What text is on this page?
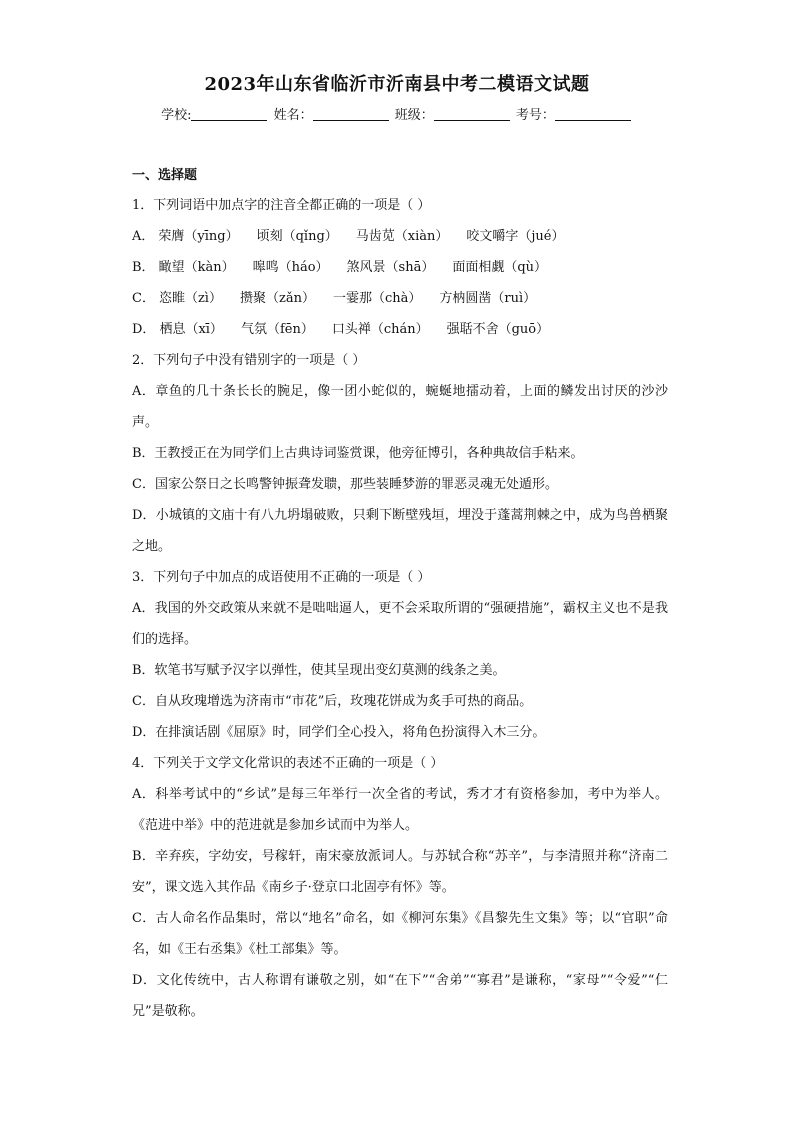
2023年山东省临沂市沂南县中考二模语文试题
学校:	姓名：	班级：	考号：
一、选择题
1．下列词语中加点字的注音全都正确的一项是（ ）
A． 荣膺（yīng） 顷刻（qǐng） 马齿苋（xiàn） 咬文嚼字（jué）
B． 瞰望（kàn） 嗥鸣（háo） 煞风景（shā） 面面相觑（qù）
C． 恣睢（zì） 攒聚（zǎn） 一霎那（chà） 方枘圆凿（ruì）
D． 栖息（xī） 气氛（fēn） 口头禅（chán） 强聒不舍（guō）
2．下列句子中没有错别字的一项是（ ）
A．章鱼的几十条长长的腕足，像一团小蛇似的，蜿蜒地擂动着，上面的鳞发出讨厌的沙沙声。
B．王教授正在为同学们上古典诗词鉴赏课，他旁征博引，各种典故信手粘来。
C．国家公祭日之长鸣警钟振聋发聩，那些装睡梦游的罪恶灵魂无处遁形。
D．小城镇的文庙十有八九坍塌破败，只剩下断壁残垣，埋没于蓬蒿荆棘之中，成为鸟兽栖聚之地。
3．下列句子中加点的成语使用不正确的一项是（ ）
A．我国的外交政策从来就不是咄咄逼人，更不会采取所谓的“强硬措施”，霸权主义也不是我们的选择。
B．软笔书写赋予汉字以弹性，使其呈现出变幻莫测的线条之美。
C．自从玫瑰增选为济南市“市花”后，玫瑰花饼成为炙手可热的商品。
D．在排演话剧《屈原》时，同学们全心投入，将角色扮演得入木三分。
4．下列关于文学文化常识的表述不正确的一项是（ ）
A．科举考试中的“乡试”是每三年举行一次全省的考试，秀才才有资格参加，考中为举人。《范进中举》中的范进就是参加乡试而中为举人。
B．辛弃疾，字幼安，号稼轩，南宋豪放派词人。与苏轼合称“苏辛”，与李清照并称“济南二安”，课文选入其作品《南乡子·登京口北固亭有怀》等。
C．古人命名作品集时，常以“地名”命名，如《柳河东集》《昌黎先生文集》等；以“官职”命名，如《王右丞集》《杜工部集》等。
D．文化传统中，古人称谓有谦敬之别，如“在下”“舍弟”“寡君”是谦称，“家母”“令爱”“仁兄”是敬称。
